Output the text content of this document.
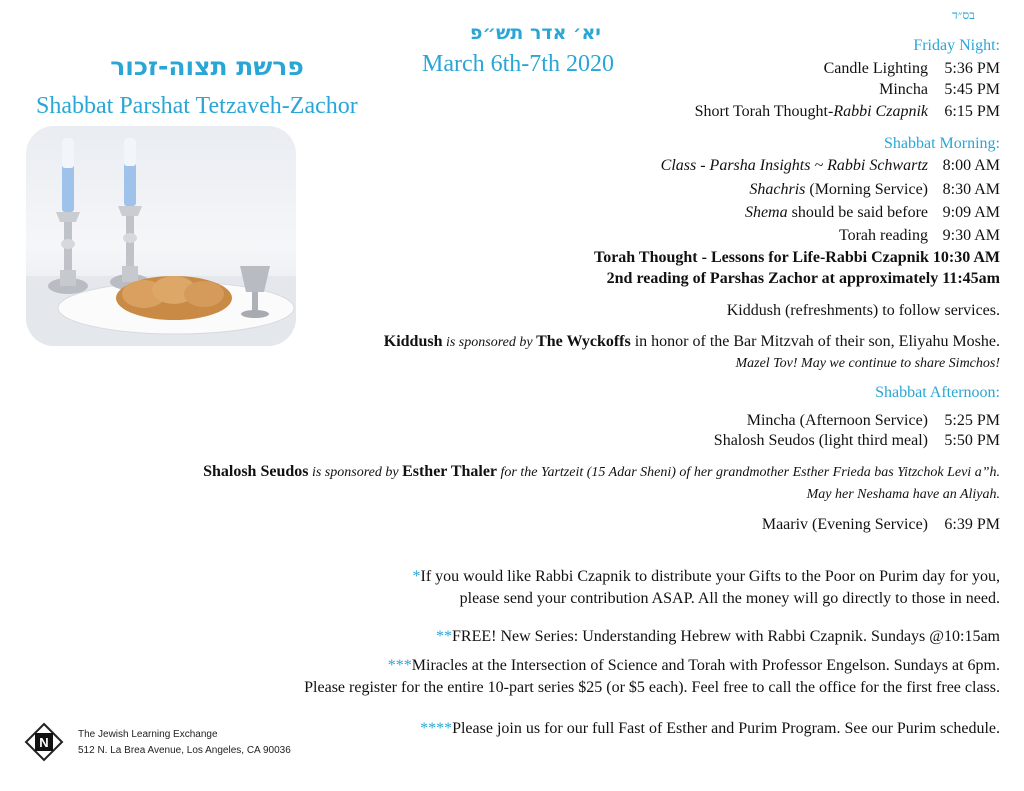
בס״ד
פרשת תצוה-זכור
Shabbat Parshat Tetzaveh-Zachor
יא׳ אדר תש״פ
March 6th-7th 2020
Friday Night:
Candle Lighting 5:36 PM
Mincha 5:45 PM
Short Torah Thought-Rabbi Czapnik 6:15 PM
Shabbat Morning:
Class - Parsha Insights ~ Rabbi Schwartz 8:00 AM
Shachris (Morning Service) 8:30 AM
Shema should be said before 9:09 AM
Torah reading 9:30 AM
Torah Thought - Lessons for Life-Rabbi Czapnik 10:30 AM
2nd reading of Parshas Zachor at approximately 11:45am
Kiddush (refreshments) to follow services.
Kiddush is sponsored by The Wyckoffs in honor of the Bar Mitzvah of their son, Eliyahu Moshe.
Mazel Tov! May we continue to share Simchos!
Shabbat Afternoon:
Mincha (Afternoon Service) 5:25 PM
Shalosh Seudos (light third meal) 5:50 PM
Shalosh Seudos is sponsored by Esther Thaler for the Yartzeit (15 Adar Sheni) of her grandmother Esther Frieda bas Yitzchok Levi a”h.
May her Neshama have an Aliyah.
Maariv (Evening Service) 6:39 PM
*If you would like Rabbi Czapnik to distribute your Gifts to the Poor on Purim day for you,
please send your contribution ASAP. All the money will go directly to those in need.
**FREE! New Series: Understanding Hebrew with Rabbi Czapnik. Sundays @10:15am
***Miracles at the Intersection of Science and Torah with Professor Engelson. Sundays at 6pm.
Please register for the entire 10-part series $25 (or $5 each). Feel free to call the office for the first free class.
****Please join us for our full Fast of Esther and Purim Program. See our Purim schedule.
N
The Jewish Learning Exchange
512 N. La Brea Avenue, Los Angeles, CA 90036
